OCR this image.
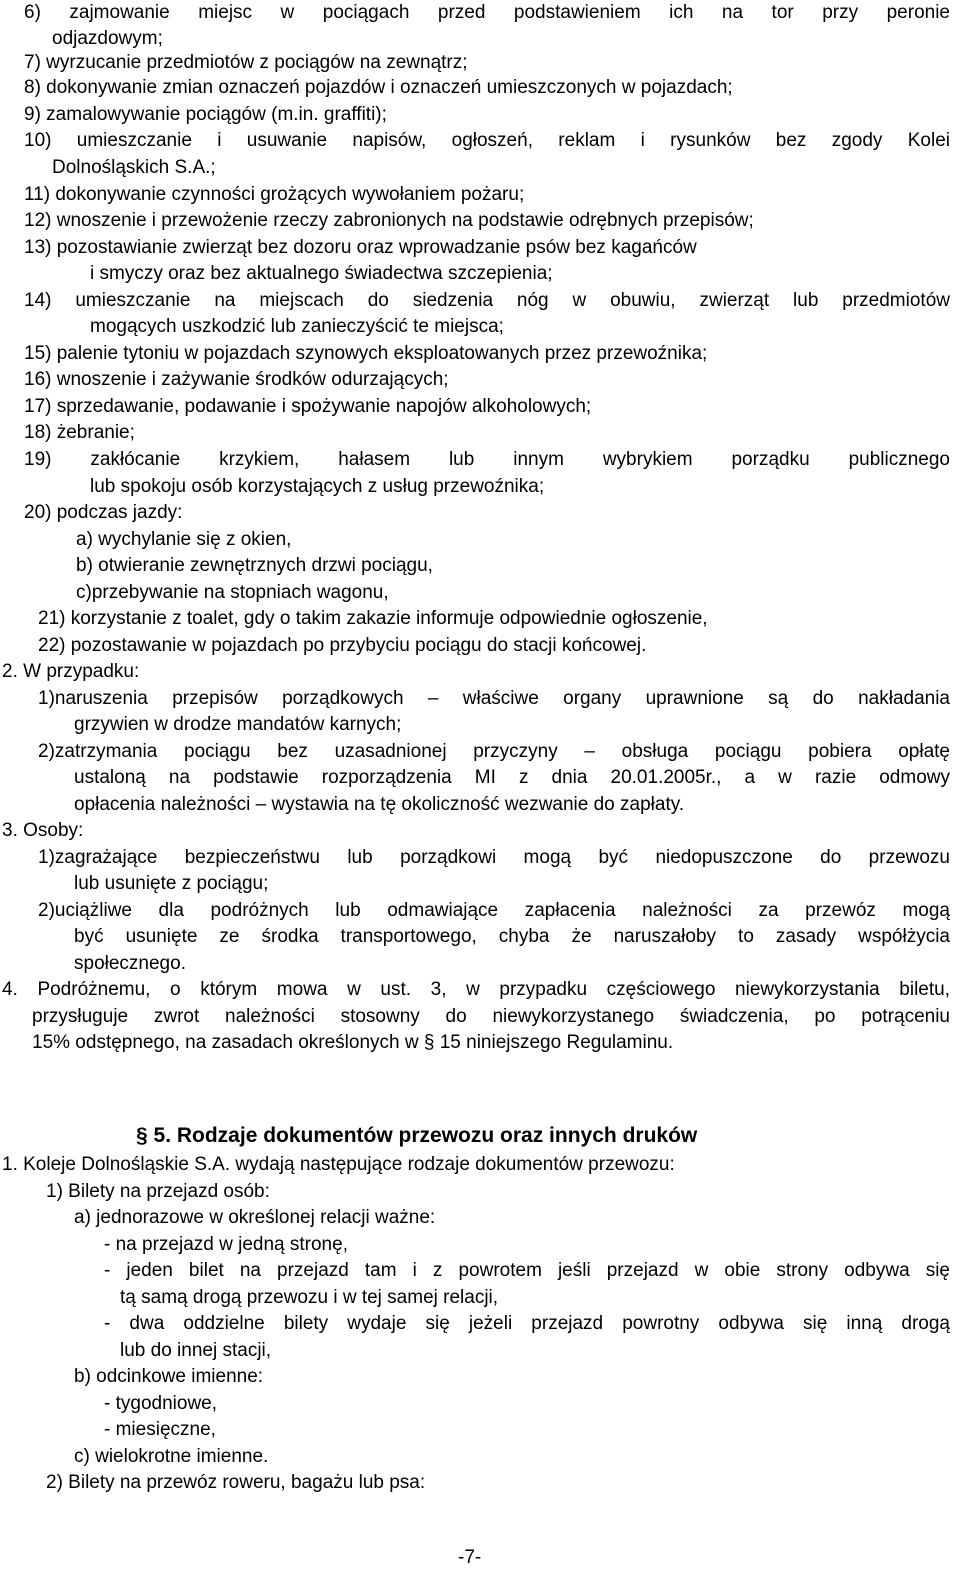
6) zajmowanie miejsc w pociągach przed podstawieniem ich na tor przy peronie
odjazdowym;
7) wyrzucanie przedmiotów z pociągów na zewnątrz;
8) dokonywanie zmian oznaczeń pojazdów i oznaczeń umieszczonych w pojazdach;
9) zamalowywanie pociągów (m.in. graffiti);
10) umieszczanie i usuwanie napisów, ogłoszeń, reklam i rysunków bez zgody Kolei
Dolnośląskich S.A.;
11) dokonywanie czynności grożących wywołaniem pożaru;
12) wnoszenie i przewożenie rzeczy zabronionych na podstawie odrębnych przepisów;
13) pozostawianie zwierząt bez dozoru oraz wprowadzanie psów bez kagańców
i smyczy oraz bez aktualnego świadectwa szczepienia;
14) umieszczanie na miejscach do siedzenia nóg w obuwiu, zwierząt lub przedmiotów
mogących uszkodzić lub zanieczyścić te miejsca;
15) palenie tytoniu w pojazdach szynowych eksploatowanych przez przewoźnika;
16) wnoszenie i zażywanie środków odurzających;
17) sprzedawanie, podawanie i spożywanie napojów alkoholowych;
18) żebranie;
19) zakłócanie krzykiem, hałasem lub innym wybrykiem porządku publicznego
lub spokoju osób korzystających z usług przewoźnika;
20) podczas jazdy:
a) wychylanie się z okien,
b) otwieranie zewnętrznych drzwi pociągu,
c)przebywanie na stopniach wagonu,
21) korzystanie z toalet, gdy o takim zakazie informuje odpowiednie ogłoszenie,
22) pozostawanie w pojazdach po przybyciu pociągu do stacji końcowej.
2. W przypadku:
1)naruszenia przepisów porządkowych – właściwe organy uprawnione są do nakładania
grzywien w drodze mandatów karnych;
2)zatrzymania pociągu bez uzasadnionej przyczyny – obsługa pociągu pobiera opłatę
ustaloną na podstawie rozporządzenia MI z dnia 20.01.2005r., a w razie odmowy
opłacenia należności – wystawia na tę okoliczność wezwanie do zapłaty.
3. Osoby:
1)zagrażające bezpieczeństwu lub porządkowi mogą być niedopuszczone do przewozu
lub usunięte z pociągu;
2)uciążliwe dla podróżnych lub odmawiające zapłacenia należności za przewóz mogą
być usunięte ze środka transportowego, chyba że naruszałoby to zasady współżycia
społecznego.
4. Podróżnemu, o którym mowa w ust. 3, w przypadku częściowego niewykorzystania biletu,
przysługuje zwrot należności stosowny do niewykorzystanego świadczenia, po potrąceniu
15% odstępnego, na zasadach określonych w § 15 niniejszego Regulaminu.
§ 5. Rodzaje dokumentów przewozu oraz innych druków
1. Koleje Dolnośląskie S.A. wydają następujące rodzaje dokumentów przewozu:
1) Bilety na przejazd osób:
a) jednorazowe w określonej relacji ważne:
- na przejazd w jedną stronę,
- jeden bilet na przejazd tam i z powrotem jeśli przejazd w obie strony odbywa się
tą samą drogą przewozu i w tej samej relacji,
- dwa oddzielne bilety wydaje się jeżeli przejazd powrotny odbywa się inną drogą
lub do innej stacji,
b) odcinkowe imienne:
- tygodniowe,
- miesięczne,
c) wielokrotne imienne.
2) Bilety na przewóz roweru, bagażu lub psa:
-7-
